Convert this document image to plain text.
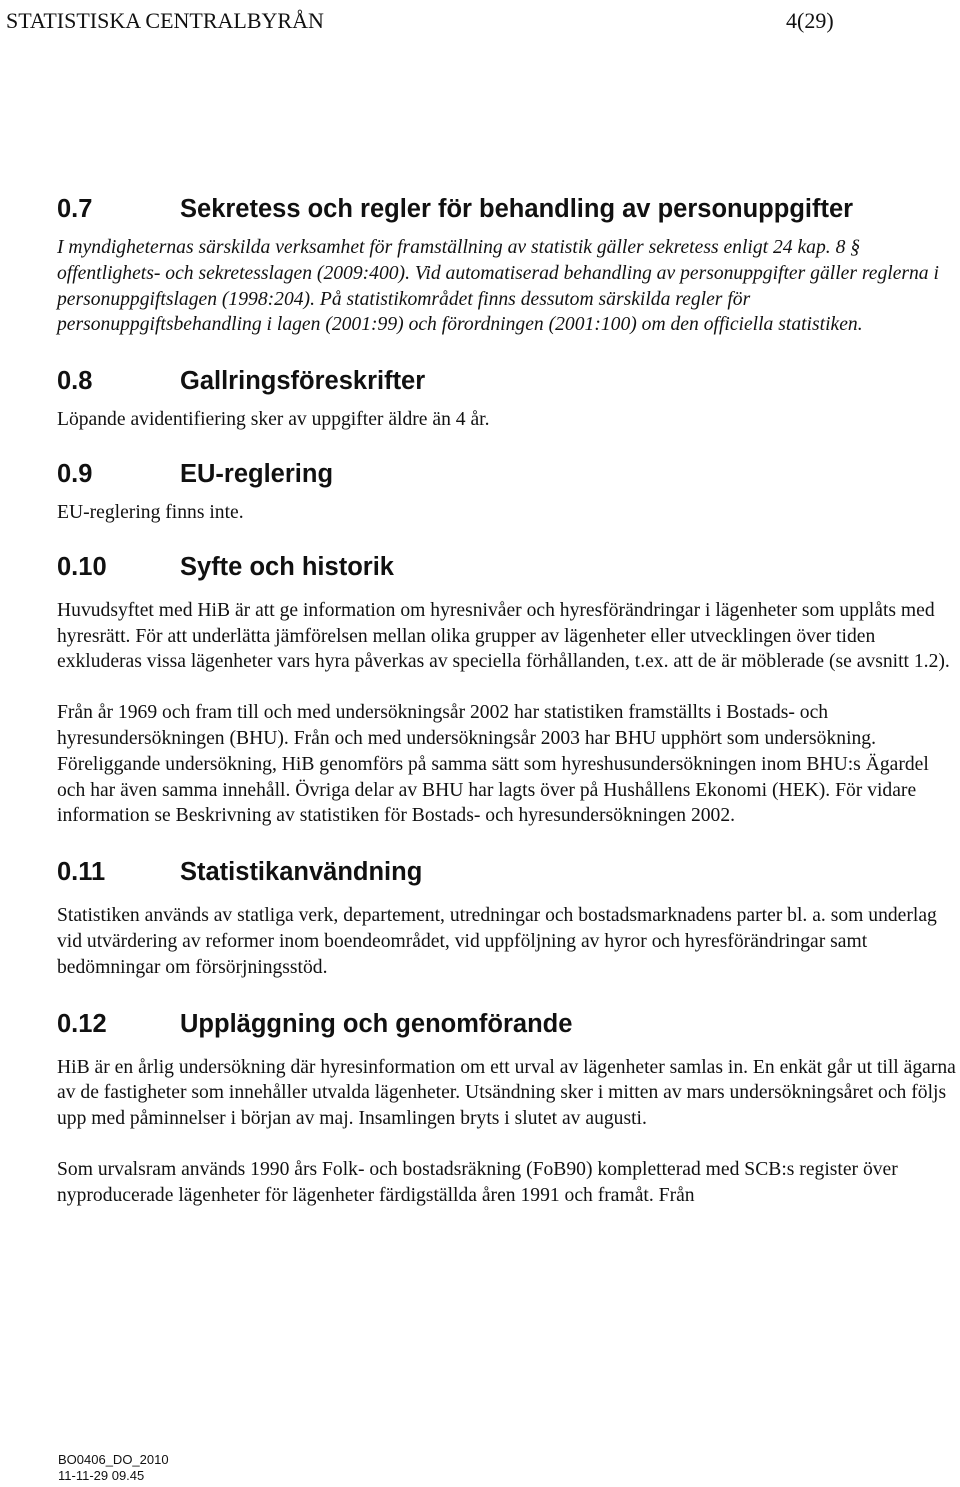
STATISTISKA CENTRALBYRÅN	4(29)
0.7	Sekretess och regler för behandling av personuppgifter

I myndigheternas särskilda verksamhet för framställning av statistik gäller sekretess enligt 24 kap. 8 § offentlighets- och sekretesslagen (2009:400). Vid automatiserad behandling av personuppgifter gäller reglerna i personuppgiftslagen (1998:204). På statistikområdet finns dessutom särskilda regler för personuppgiftsbehandling i lagen (2001:99) och förordningen (2001:100) om den officiella statistiken.

0.8	Gallringsföreskrifter

Löpande avidentifiering sker av uppgifter äldre än 4 år.

0.9	EU-reglering

EU-reglering finns inte.

0.10	Syfte och historik

Huvudsyftet med HiB är att ge information om hyresnivåer och hyresförändringar i lägenheter som upplåts med hyresrätt. För att underlätta jämförelsen mellan olika grupper av lägenheter eller utvecklingen över tiden exkluderas vissa lägenheter vars hyra påverkas av speciella förhållanden, t.ex. att de är möblerade (se avsnitt 1.2).

Från år 1969 och fram till och med undersökningsår 2002 har statistiken framställts i Bostads- och hyresundersökningen (BHU). Från och med undersökningsår 2003 har BHU upphört som undersökning. Föreliggande undersökning, HiB genomförs på samma sätt som hyreshusundersökningen inom BHU:s Ägardel och har även samma innehåll. Övriga delar av BHU har lagts över på Hushållens Ekonomi (HEK). För vidare information se Beskrivning av statistiken för Bostads- och hyresundersökningen 2002.

0.11	Statistikanvändning

Statistiken används av statliga verk, departement, utredningar och bostadsmarknadens parter bl. a. som underlag vid utvärdering av reformer inom boendeområdet, vid uppföljning av hyror och hyresförändringar samt bedömningar om försörjningsstöd.

0.12	Uppläggning och genomförande

HiB är en årlig undersökning där hyresinformation om ett urval av lägenheter samlas in. En enkät går ut till ägarna av de fastigheter som innehåller utvalda lägenheter. Utsändning sker i mitten av mars undersökningsåret och följs upp med påminnelser i början av maj. Insamlingen bryts i slutet av augusti.

Som urvalsram används 1990 års Folk- och bostadsräkning (FoB90) kompletterad med SCB:s register över nyproducerade lägenheter för lägenheter färdigställda åren 1991 och framåt. Från

BO0406_DO_2010
11-11-29 09.45
